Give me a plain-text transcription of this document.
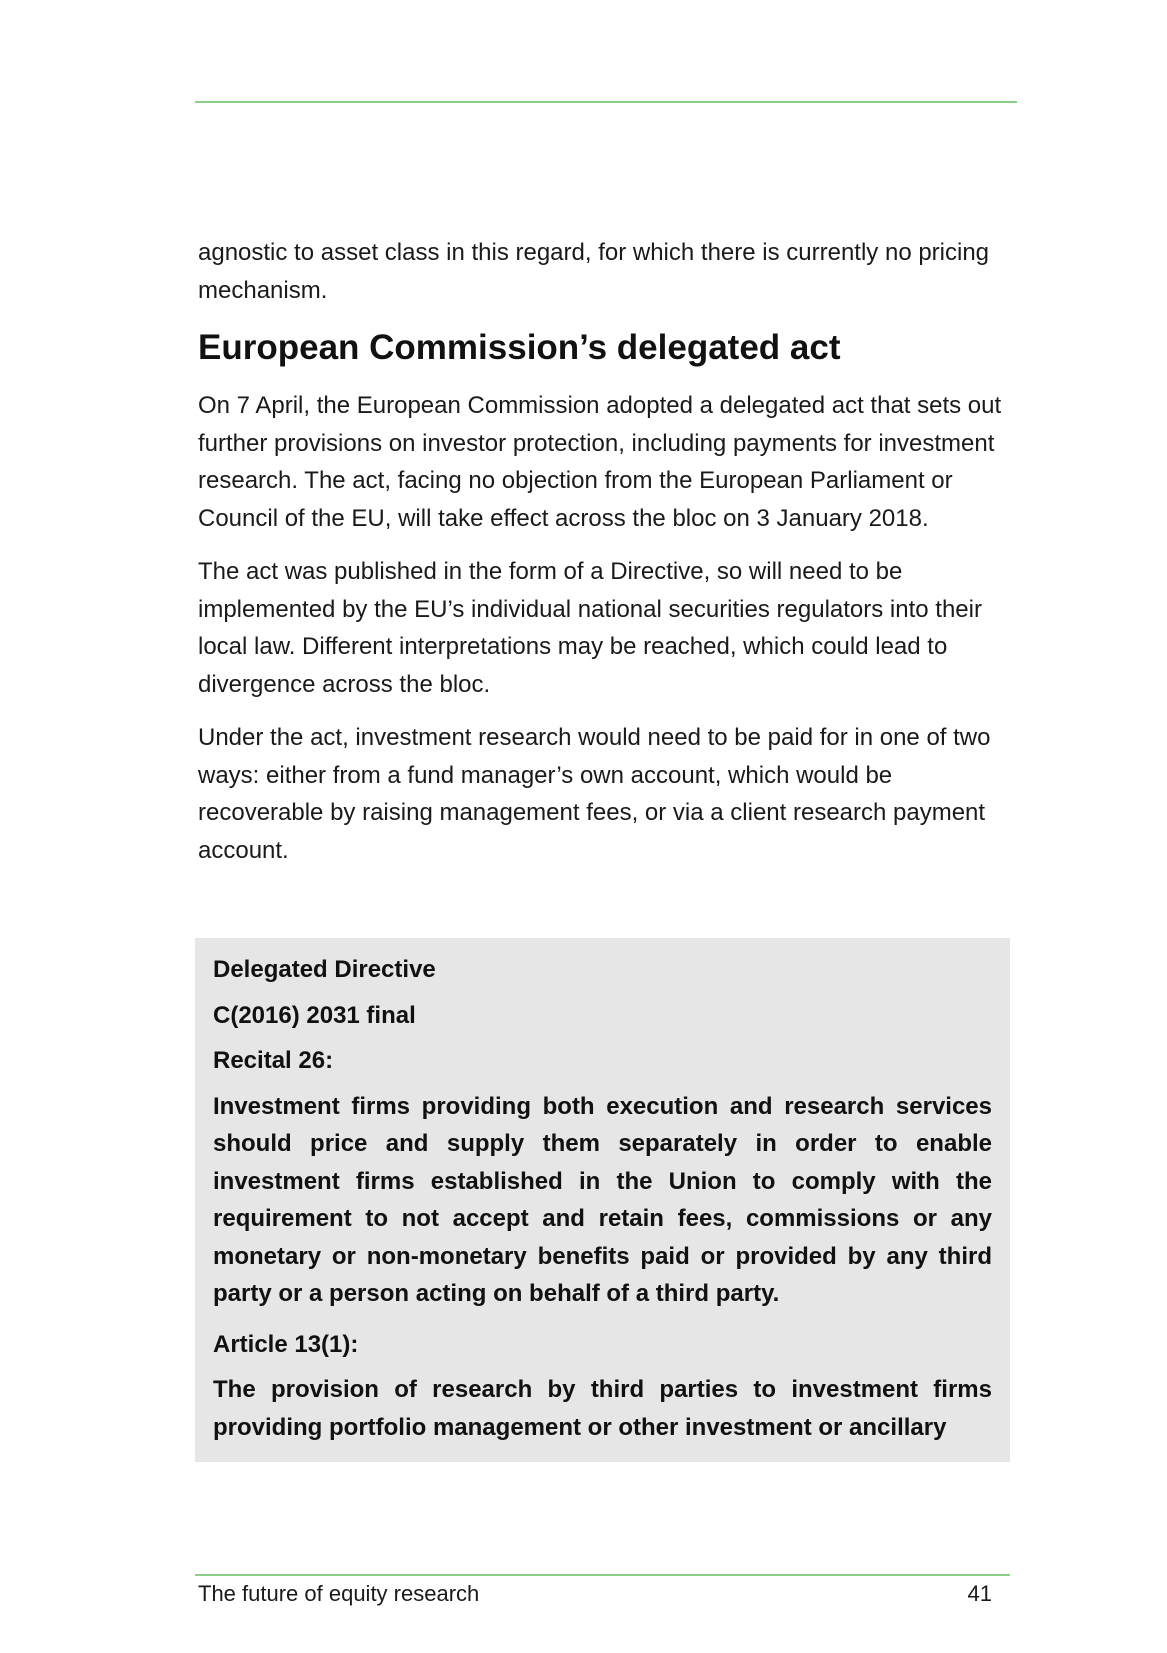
agnostic to asset class in this regard, for which there is currently no pricing mechanism.

European Commission’s delegated act

On 7 April, the European Commission adopted a delegated act that sets out further provisions on investor protection, including payments for investment research. The act, facing no objection from the European Parliament or Council of the EU, will take effect across the bloc on 3 January 2018.

The act was published in the form of a Directive, so will need to be implemented by the EU’s individual national securities regulators into their local law. Different interpretations may be reached, which could lead to divergence across the bloc.

Under the act, investment research would need to be paid for in one of two ways: either from a fund manager’s own account, which would be recoverable by raising management fees, or via a client research payment account.

Delegated Directive
C(2016) 2031 final
Recital 26:
Investment firms providing both execution and research services should price and supply them separately in order to enable investment firms established in the Union to comply with the requirement to not accept and retain fees, commissions or any monetary or non-monetary benefits paid or provided by any third party or a person acting on behalf of a third party.
Article 13(1):
The provision of research by third parties to investment firms providing portfolio management or other investment or ancillary
The future of equity research	41
